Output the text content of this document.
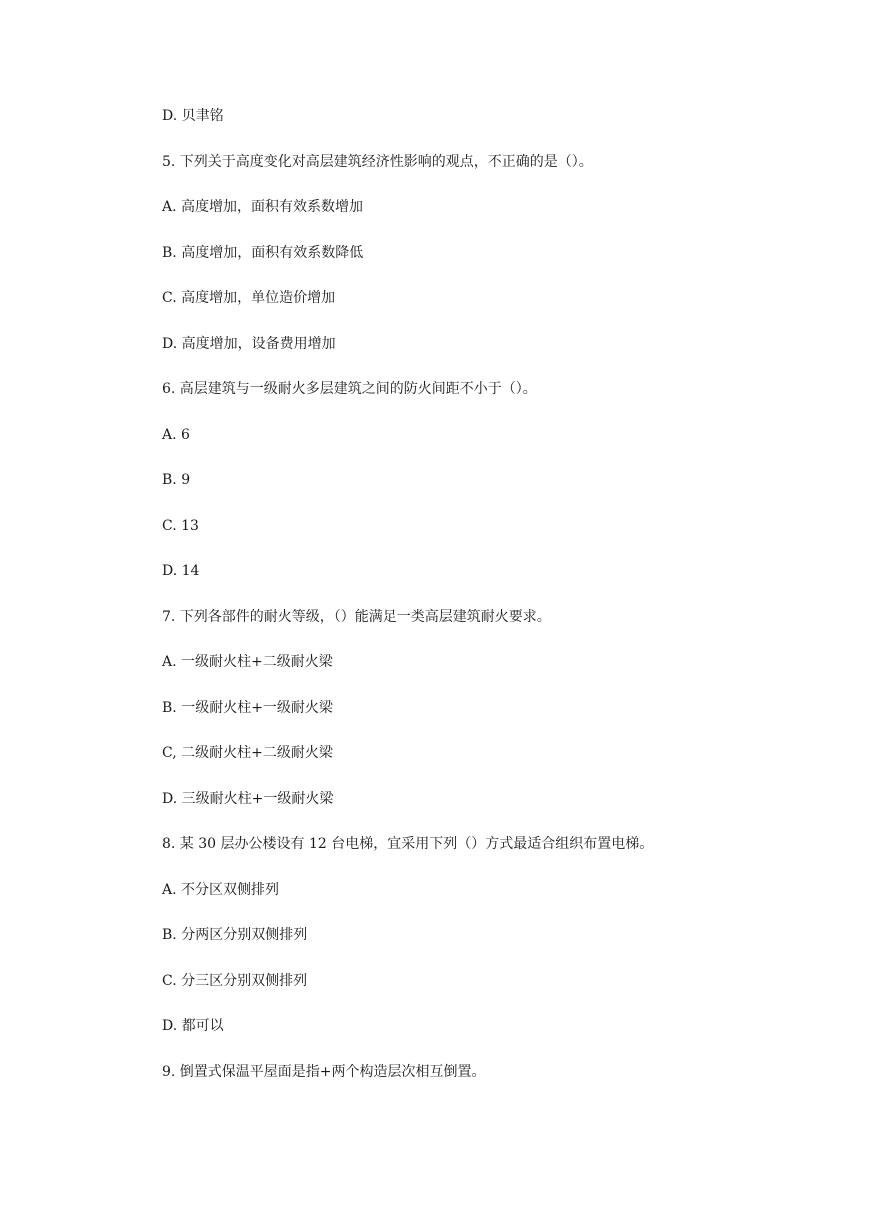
D. 贝聿铭
5. 下列关于高度变化对高层建筑经济性影响的观点，不正确的是（）。
A. 高度增加，面积有效系数增加
B. 高度增加，面积有效系数降低
C. 高度增加，单位造价增加
D. 高度增加，设备费用增加
6. 高层建筑与一级耐火多层建筑之间的防火间距不小于（）。
A. 6
B. 9
C. 13
D. 14
7. 下列各部件的耐火等级，（）能满足一类高层建筑耐火要求。
A. 一级耐火柱+二级耐火梁
B. 一级耐火柱+一级耐火梁
C, 二级耐火柱+二级耐火梁
D. 三级耐火柱+一级耐火梁
8. 某 30 层办公楼设有 12 台电梯，宜采用下列（）方式最适合组织布置电梯。
A. 不分区双侧排列
B. 分两区分别双侧排列
C. 分三区分别双侧排列
D. 都可以
9. 倒置式保温平屋面是指+两个构造层次相互倒置。
